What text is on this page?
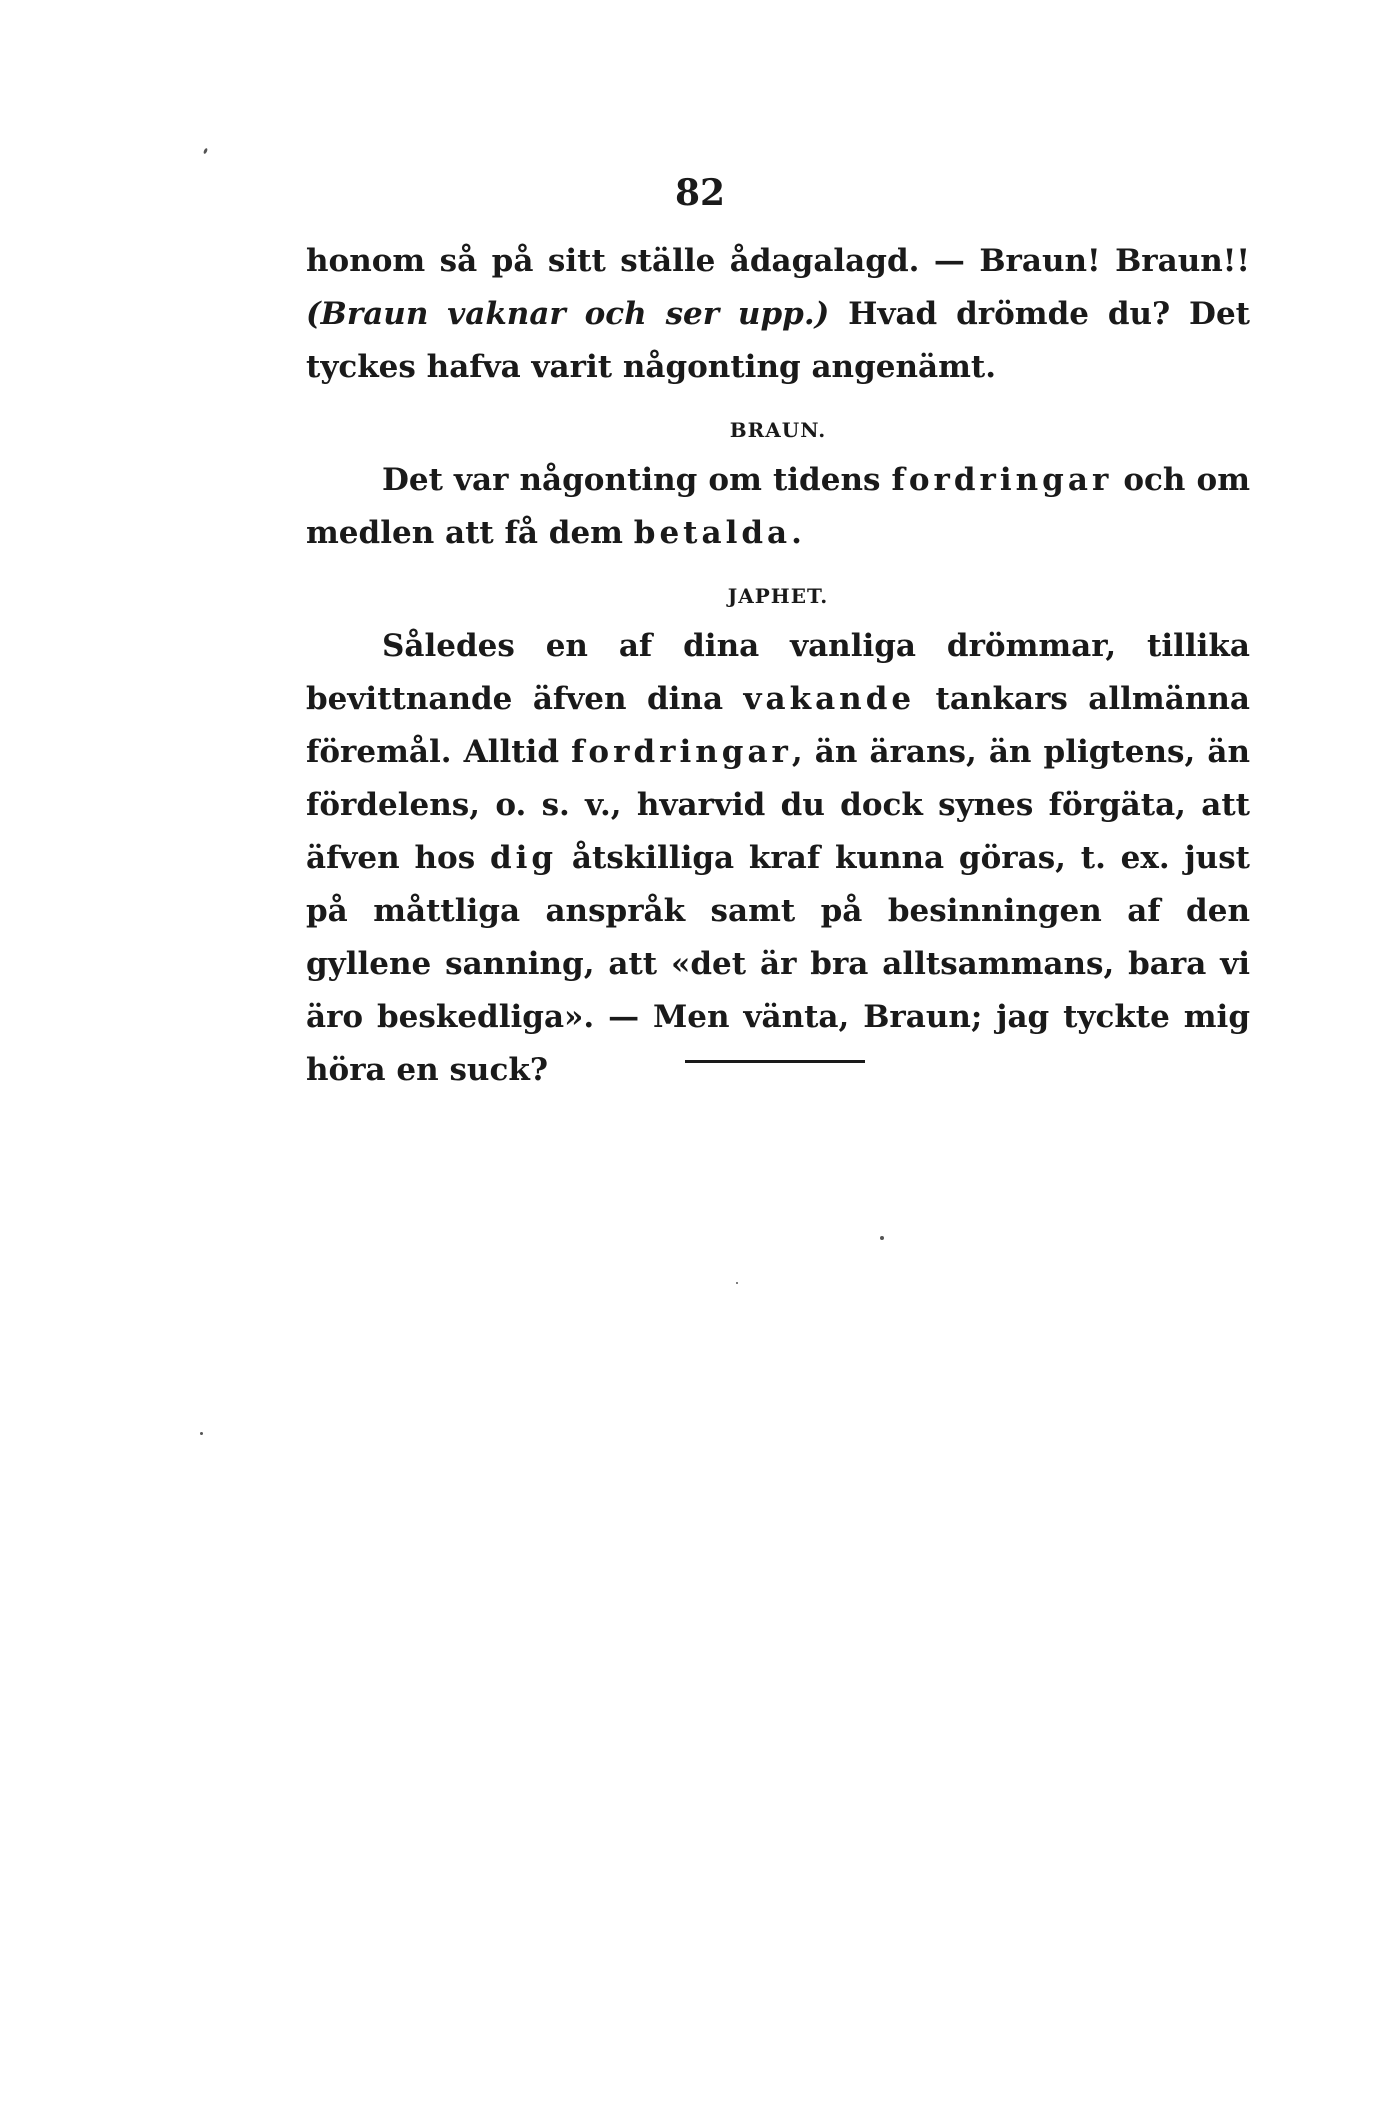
82

honom så på sitt ställe ådagalagd. — Braun! Braun!! (Braun vaknar och ser upp.) Hvad drömde du? Det tyckes hafva varit någonting angenämt.

BRAUN.

Det var någonting om tidens fordringar och om medlen att få dem betalda.

JAPHET.

Således en af dina vanliga drömmar, tillika bevittnande äfven dina vakande tankars allmänna föremål. Alltid fordringar, än ärans, än pligtens, än fördelens, o. s. v., hvarvid du dock synes förgäta, att äfven hos dig åtskilliga kraf kunna göras, t. ex. just på måttliga anspråk samt på besinningen af den gyllene sanning, att «det är bra alltsammans, bara vi äro beskedliga». — Men vänta, Braun; jag tyckte mig höra en suck?
